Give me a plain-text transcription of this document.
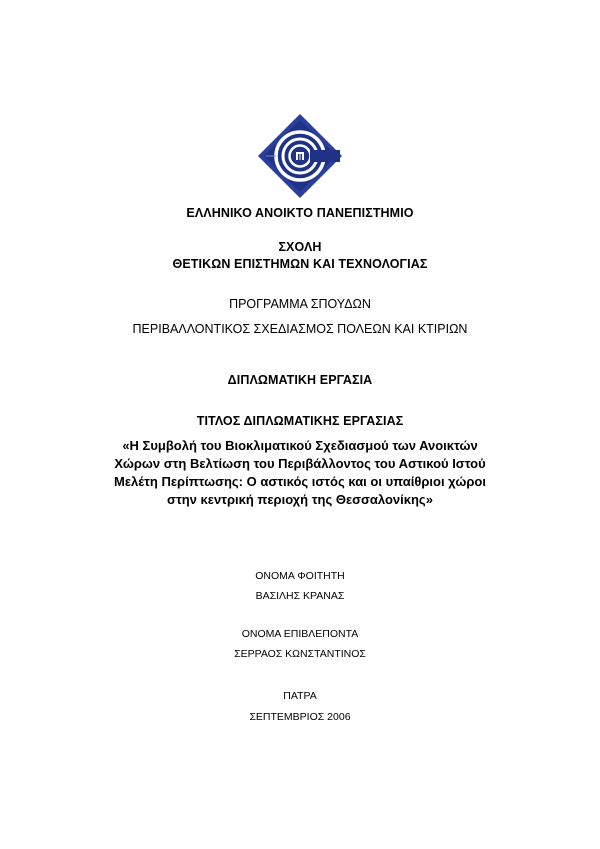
ΕΛΛΗΝΙΚΟ ΑΝΟΙΚΤΟ ΠΑΝΕΠΙΣΤΗΜΙΟ
ΣΧΟΛΗ
ΘΕΤΙΚΩΝ ΕΠΙΣΤΗΜΩΝ ΚΑΙ ΤΕΧΝΟΛΟΓΙΑΣ
ΠΡΟΓΡΑΜΜΑ ΣΠΟΥΔΩΝ
ΠΕΡΙΒΑΛΛΟΝΤΙΚΟΣ ΣΧΕΔΙΑΣΜΟΣ ΠΟΛΕΩΝ ΚΑΙ ΚΤΙΡΙΩΝ
ΔΙΠΛΩΜΑΤΙΚΗ ΕΡΓΑΣΙΑ
ΤΙΤΛΟΣ ΔΙΠΛΩΜΑΤΙΚΗΣ ΕΡΓΑΣΙΑΣ
«Η Συμβολή του Βιοκλιματικού Σχεδιασμού των Ανοικτών
Χώρων στη Βελτίωση του Περιβάλλοντος του Αστικού Ιστού
Μελέτη Περίπτωσης: Ο αστικός ιστός και οι υπαίθριοι χώροι
στην κεντρική περιοχή της Θεσσαλονίκης»
ΟΝΟΜΑ ΦΟΙΤΗΤΗ
ΒΑΣΙΛΗΣ ΚΡΑΝΑΣ
ΟΝΟΜΑ ΕΠΙΒΛΕΠΟΝΤΑ
ΣΕΡΡΑΟΣ ΚΩΝΣΤΑΝΤΙΝΟΣ
ΠΑΤΡΑ
ΣΕΠΤΕΜΒΡΙΟΣ 2006
